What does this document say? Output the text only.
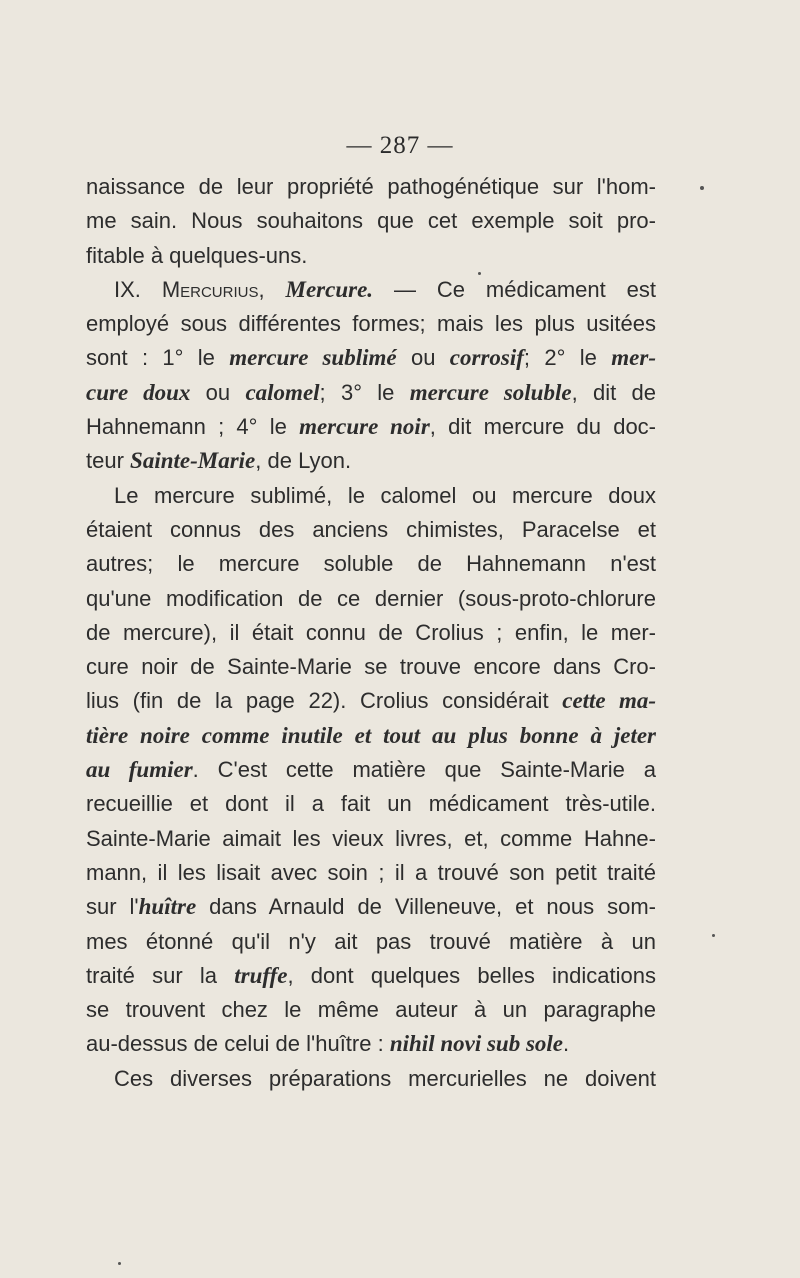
— 287 —
naissance de leur propriété pathogénétique sur l'hom-
me sain. Nous souhaitons que cet exemple soit pro-
fitable à quelques-uns.
IX. Mercurius, Mercure. — Ce médicament est
employé sous différentes formes; mais les plus usitées
sont : 1° le mercure sublimé ou corrosif; 2° le mer-
cure doux ou calomel; 3° le mercure soluble, dit de
Hahnemann ; 4° le mercure noir, dit mercure du doc-
teur Sainte-Marie, de Lyon.
Le mercure sublimé, le calomel ou mercure doux
étaient connus des anciens chimistes, Paracelse et
autres; le mercure soluble de Hahnemann n'est
qu'une modification de ce dernier (sous-proto-chlorure
de mercure), il était connu de Crolius ; enfin, le mer-
cure noir de Sainte-Marie se trouve encore dans Cro-
lius (fin de la page 22). Crolius considérait cette ma-
tière noire comme inutile et tout au plus bonne à jeter
au fumier. C'est cette matière que Sainte-Marie a
recueillie et dont il a fait un médicament très-utile.
Sainte-Marie aimait les vieux livres, et, comme Hahne-
mann, il les lisait avec soin ; il a trouvé son petit traité
sur l'huître dans Arnauld de Villeneuve, et nous som-
mes étonné qu'il n'y ait pas trouvé matière à un
traité sur la truffe, dont quelques belles indications
se trouvent chez le même auteur à un paragraphe
au-dessus de celui de l'huître : nihil novi sub sole.
Ces diverses préparations mercurielles ne doivent
